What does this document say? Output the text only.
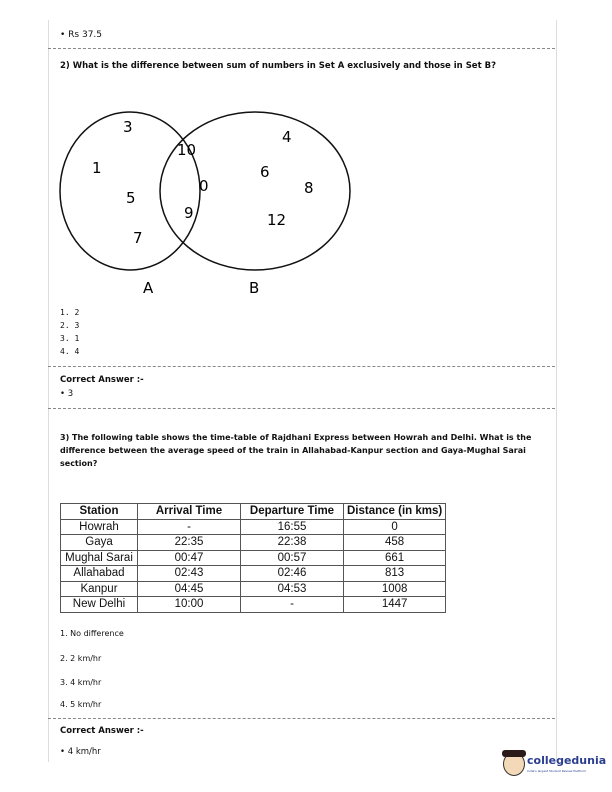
• Rs 37.5
2) What is the difference between sum of numbers in Set A exclusively and those in Set B?
3
1
5
7
10
0
9
4
6
8
12
A	B
1. 2
2. 3
3. 1
4. 4
Correct Answer :-
• 3
3) The following table shows the time-table of Rajdhani Express between Howrah and Delhi. What is the difference between the average speed of the train in Allahabad-Kanpur section and Gaya-Mughal Sarai section?
Station	Arrival Time	Departure Time	Distance (in kms)
Howrah	-	16:55	0
Gaya	22:35	22:38	458
Mughal Sarai	00:47	00:57	661
Allahabad	02:43	02:46	813
Kanpur	04:45	04:53	1008
New Delhi	10:00	-	1447
1. No difference
2. 2 km/hr
3. 4 km/hr
4. 5 km/hr
Correct Answer :-
• 4 km/hr
collegedunia
India's largest Student Review Platform
